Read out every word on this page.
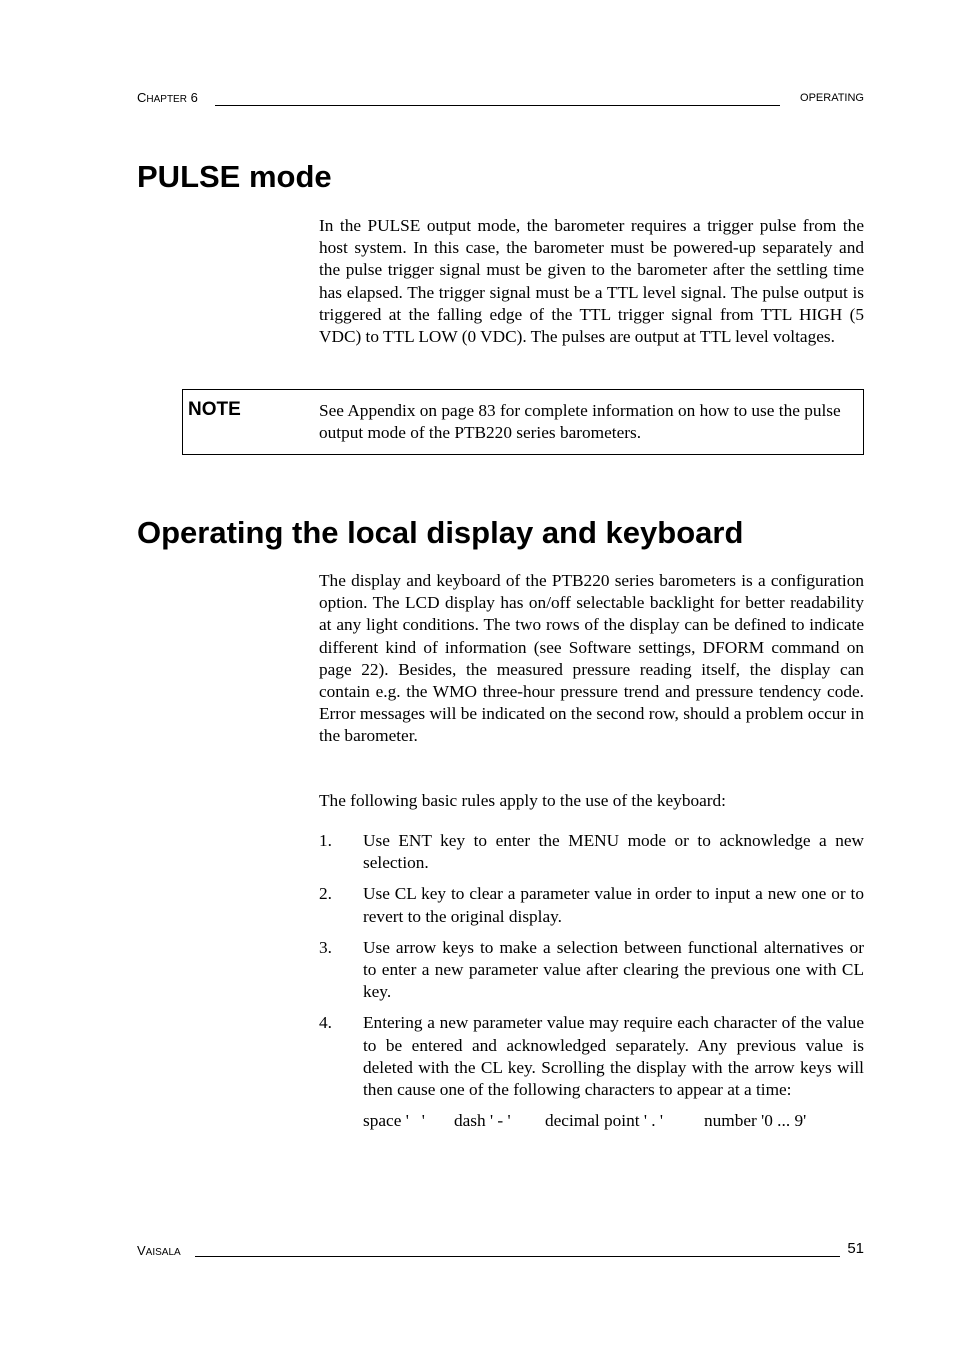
CHAPTER 6	OPERATING
PULSE mode

In the PULSE output mode, the barometer requires a trigger pulse from the host system. In this case, the barometer must be powered-up separately and the pulse trigger signal must be given to the barometer after the settling time has elapsed. The trigger signal must be a TTL level signal. The pulse output is triggered at the falling edge of the TTL trigger signal from TTL HIGH (5 VDC) to TTL LOW (0 VDC). The pulses are output at TTL level voltages.

NOTE	See Appendix on page 83 for complete information on how to use the pulse output mode of the PTB220 series barometers.

Operating the local display and keyboard

The display and keyboard of the PTB220 series barometers is a configuration option. The LCD display has on/off selectable backlight for better readability at any light conditions. The two rows of the display can be defined to indicate different kind of information (see Software settings, DFORM command on page 22). Besides, the measured pressure reading itself, the display can contain e.g. the WMO three-hour pressure trend and pressure tendency code. Error messages will be indicated on the second row, should a problem occur in the barometer.

The following basic rules apply to the use of the keyboard:

1. Use ENT key to enter the MENU mode or to acknowledge a new selection.
2. Use CL key to clear a parameter value in order to input a new one or to revert to the original display.
3. Use arrow keys to make a selection between functional alternatives or to enter a new parameter value after clearing the previous one with CL key.
4. Entering a new parameter value may require each character of the value to be entered and acknowledged separately. Any previous value is deleted with the CL key. Scrolling the display with the arrow keys will then cause one of the following characters to appear at a time:
space '   ' dash ' - ' decimal point ' . ' number '0 ... 9'
VAISALA	51
